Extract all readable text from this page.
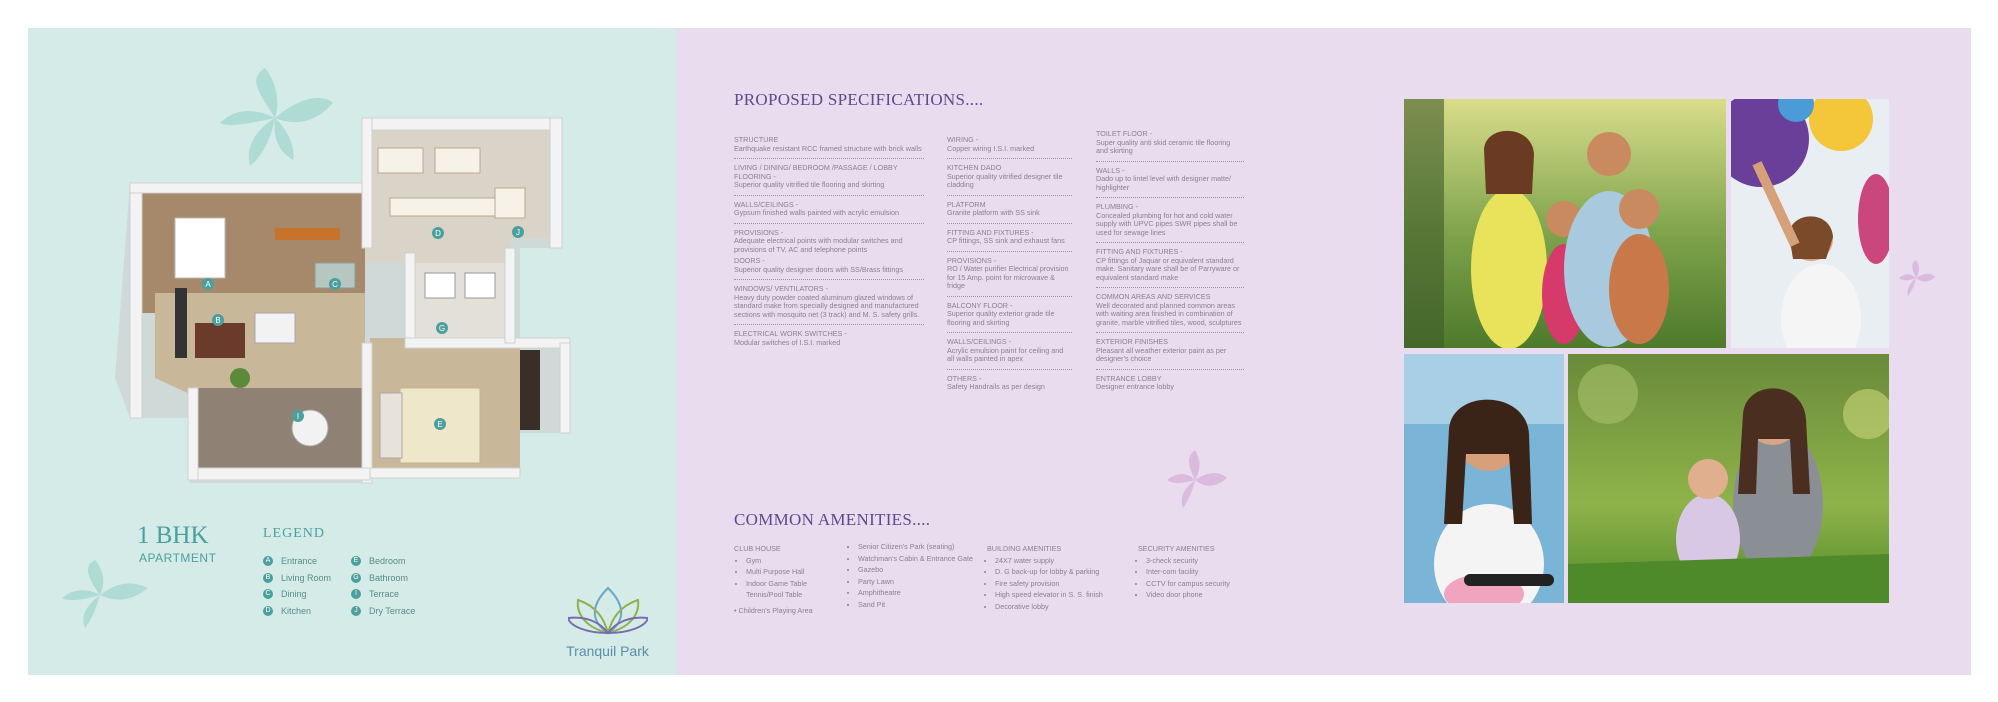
A
B
C
D
E
G
I
J
1 BHK
APARTMENT
LEGEND
A Entrance
B Living Room
C Dining
D Kitchen
E Bedroom
G Bathroom
I	Terrace
J	Dry Terrace
Tranquil Park
PROPOSED SPECIFICATIONS....
STRUCTURE
Earthquake resistant RCC framed structure with brick walls
LIVING / DINING/ BEDROOM /PASSAGE / LOBBY FLOORING -
Superior quality vitrified tile flooring and skirting
WALLS/CEILINGS -
Gypsum finished walls painted with acrylic emulsion
PROVISIONS -
Adequate electrical points with modular switches and provisions of TV, AC and telephone points
DOORS -
Superior quality designer doors with SS/Brass fittings
WINDOWS/ VENTILATORS -
Heavy duty powder coated aluminum glazed windows of standard make from specially designed and manufactured sections with mosquito net (3 track) and M. S. safety grills.
ELECTRICAL WORK SWITCHES -
Modular switches of I.S.I. marked
WIRING -
Copper wiring I.S.I. marked
KITCHEN DADO
Superior quality vitrified designer tile cladding
PLATFORM
Granite platform with SS sink
FITTING AND FIXTURES -
CP fittings, SS sink and exhaust fans
PROVISIONS -
RO / Water purifier Electrical provision for 15 Amp. point for microwave & fridge
BALCONY FLOOR -
Superior quality exterior grade tile flooring and skirting
WALLS/CEILINGS -
Acrylic emulsion paint for ceiling and all walls painted in apex
OTHERS -
Safety Handrails as per design
TOILET FLOOR -
Super quality anti skid ceramic tile flooring and skirting
WALLS -
Dado up to lintel level with designer matte/ highlighter
PLUMBING -
Concealed plumbing for hot and cold water supply with UPVC pipes SWR pipes shall be used for sewage lines
FITTING AND FIXTURES -
CP fittings of Jaquar or equivalent standard make. Sanitary ware shall be of Parryware or equivalent standard make
COMMON AREAS AND SERVICES
Well decorated and planned common areas with waiting area finished in combination of granite, marble vitrified tiles, wood, sculptures
EXTERIOR FINISHES
Pleasant all weather exterior paint as per designer's choice
ENTRANCE LOBBY
Designer entrance lobby
COMMON AMENITIES....
CLUB HOUSE
• Gym
• Multi Purpose Hall
• Indoor Game Table Tennis/Pool Table
• Children's Playing Area
• Senior Citizen's Park (seating)
• Watchman's Cabin & Entrance Gate
• Gazebo
• Party Lawn
• Amphitheatre
• Sand Pit
BUILDING AMENITIES
• 24X7 water supply
• D. G back-up for lobby & parking
• Fire safety provision
• High speed elevator in S. S. finish
• Decorative lobby
SECURITY AMENITIES
• 3-check security
• Inter-com facility
• CCTV for campus security
• Video door phone
